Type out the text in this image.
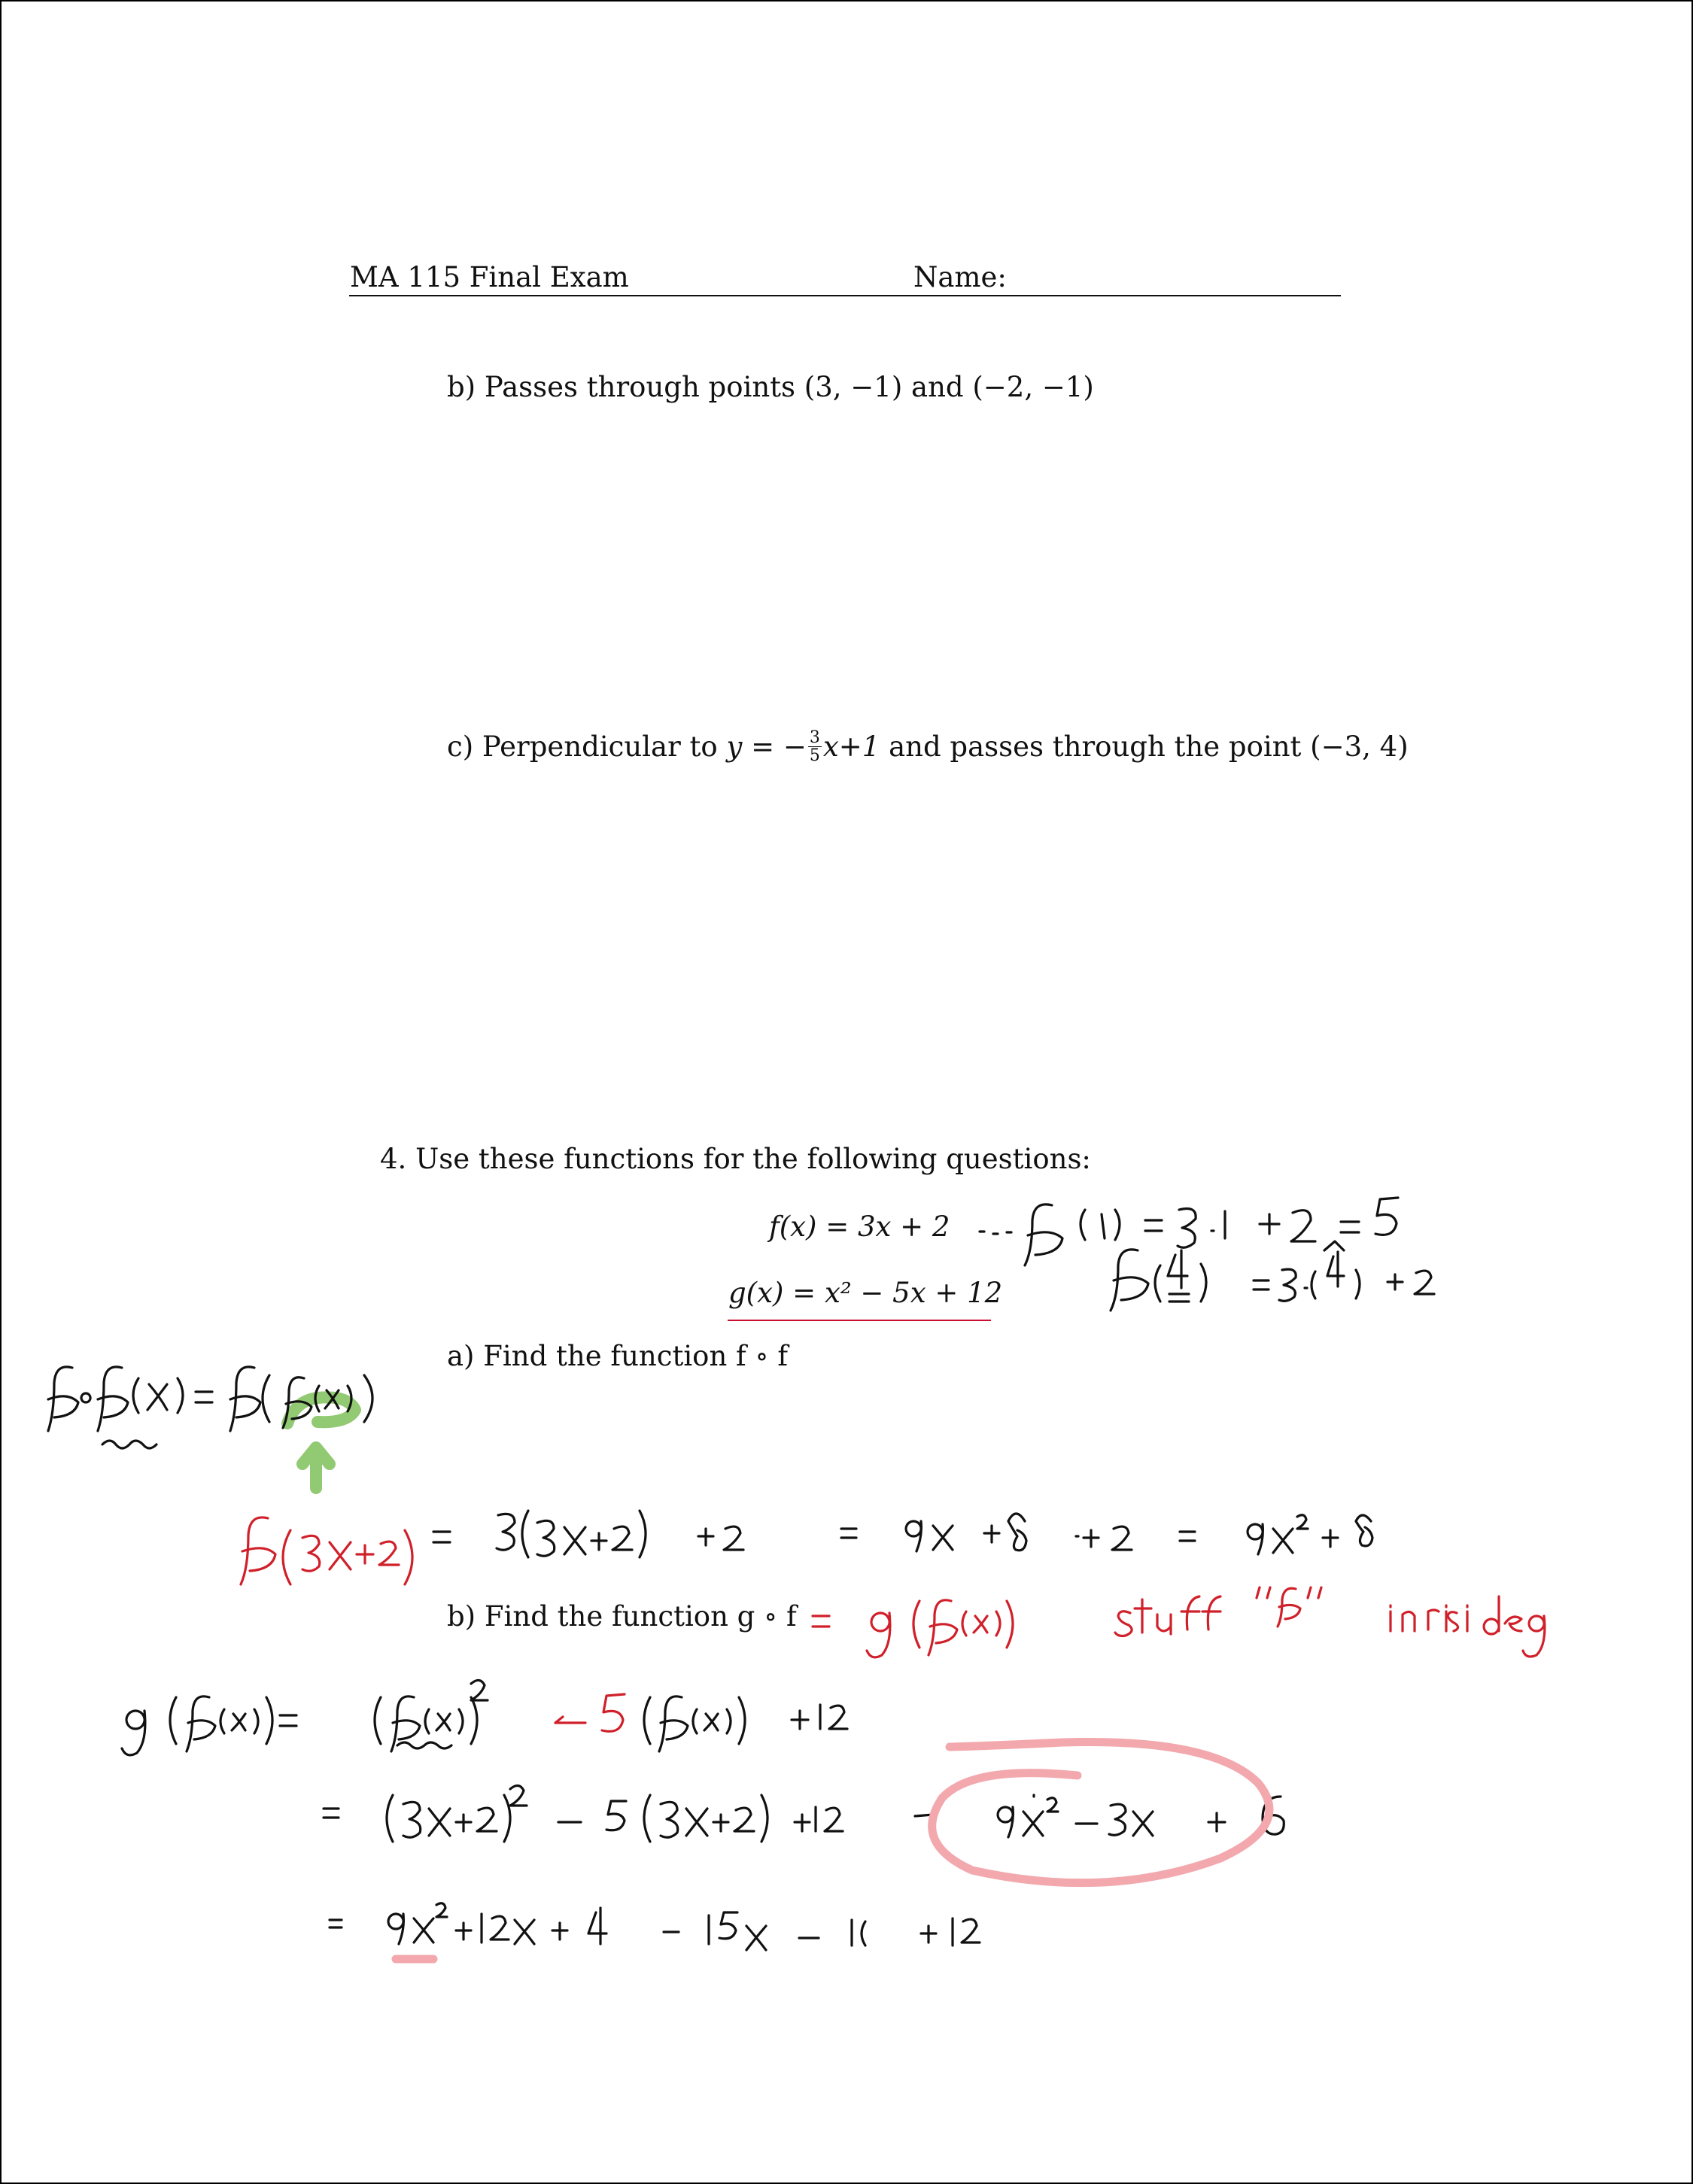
MA 115 Final Exam	Name:
b) Passes through points (3, −1) and (−2, −1)
c) Perpendicular to y = − $\frac{3}{5} x+1$ and passes through the point (−3, 4)
4. Use these functions for the following questions:
f(x) = 3x + 2
g(x) = x² − 5x + 12
a) Find the function f ∘ f
b) Find the function g ∘ f
